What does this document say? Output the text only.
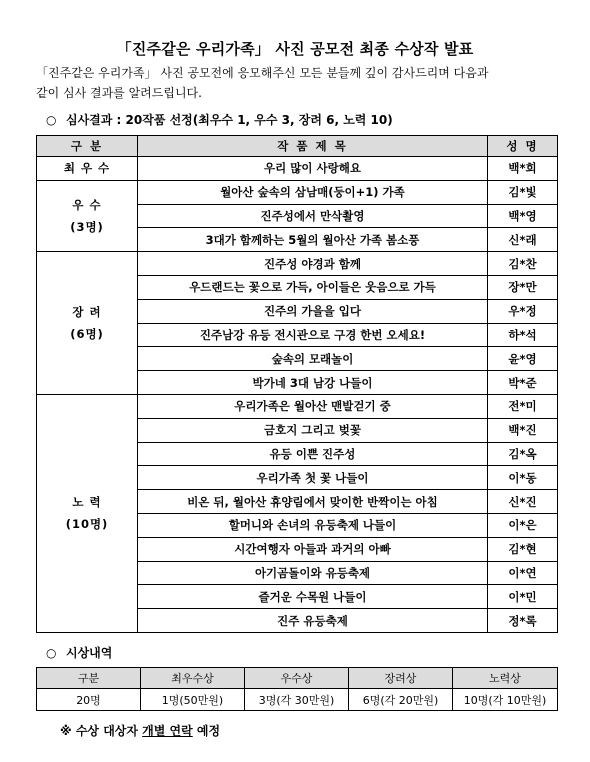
「진주같은 우리가족」 사진 공모전 최종 수상작 발표
「진주같은 우리가족」 사진 공모전에 응모해주신 모든 분들께 깊이 감사드리며 다음과
같이 심사 결과를 알려드립니다.
○ 심사결과 : 20작품 선정(최우수 1, 우수 3, 장려 6, 노력 10)
구 분	작 품 제 목	성 명

최 우 수	우리 많이 사랑해요	백*희

우 수
(3명)	월아산 숲속의 삼남매(둥이+1) 가족	김*빛
	진주성에서 만삭촬영	백*영
	3대가 함께하는 5월의 월아산 가족 봄소풍	신*래

장 려
(6명)	진주성 야경과 함께	김*찬
	우드랜드는 꽃으로 가득, 아이들은 웃음으로 가득	장*만
	진주의 가을을 입다	우*정
	진주남강 유등 전시관으로 구경 한번 오세요!	하*석
	숲속의 모래놀이	윤*영
	박가네 3대 남강 나들이	박*준

노 력
(10명)	우리가족은 월아산 맨발걷기 중	전*미
	금호지 그리고 벚꽃	백*진
	유등 이쁜 진주성	김*옥
	우리가족 첫 꽃 나들이	이*동
	비온 뒤, 월아산 휴양림에서 맞이한 반짝이는 아침	신*진
	할머니와 손녀의 유등축제 나들이	이*은
	시간여행자 아들과 과거의 아빠	김*현
	아기곰돌이와 유등축제	이*연
	즐거운 수목원 나들이	이*민
	진주 유등축제	정*록
○ 시상내역
구분	최우수상	우수상	장려상	노력상
20명	1명(50만원)	3명(각 30만원)	6명(각 20만원)	10명(각 10만원)
※ 수상 대상자 개별 연락 예정
